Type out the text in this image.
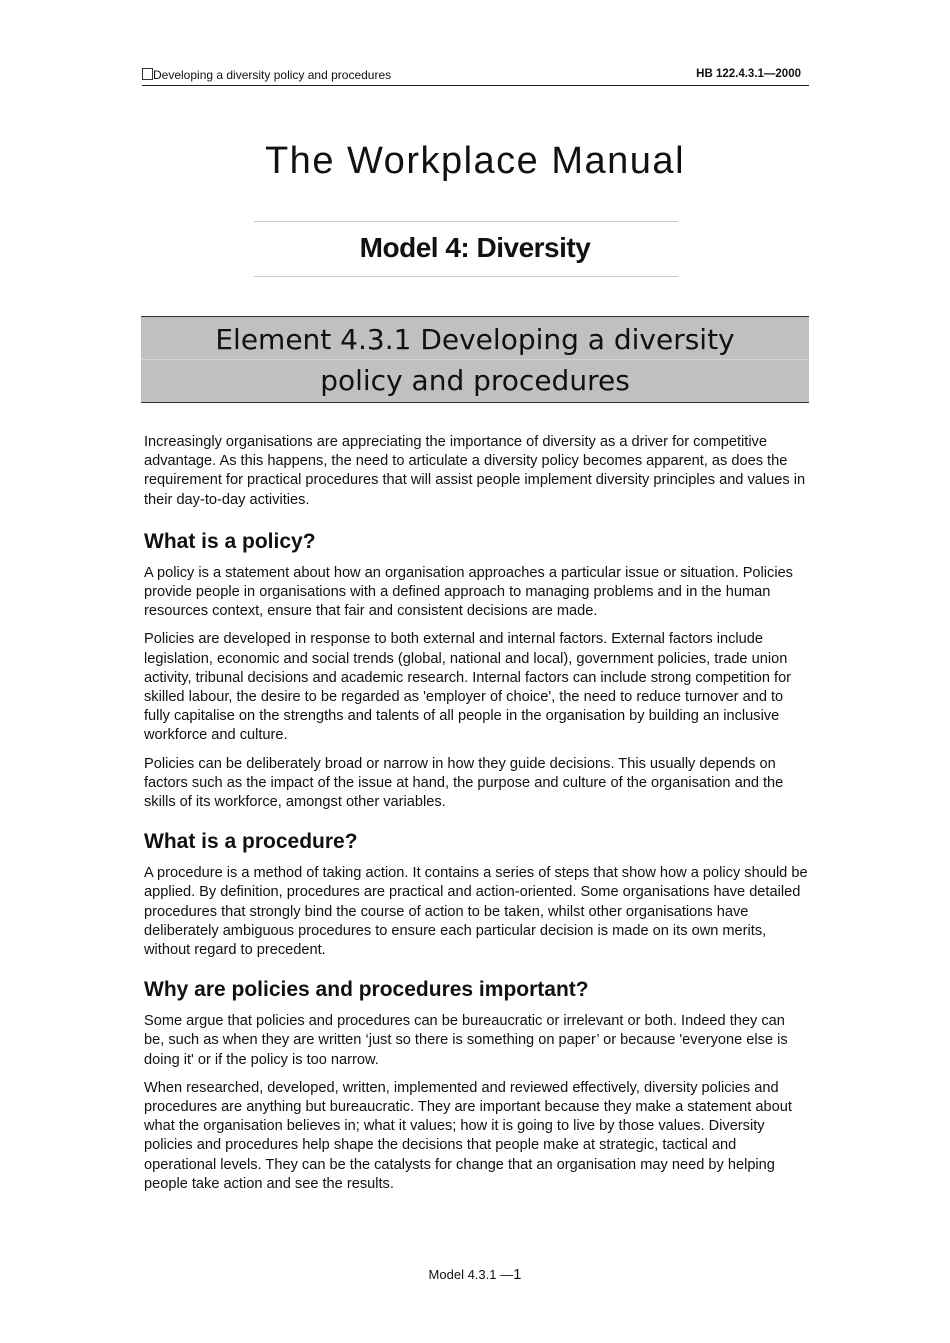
Developing a diversity policy and procedures	HB 122.4.3.1—2000
The Workplace Manual
Model 4: Diversity
Element 4.3.1 Developing a diversity
policy and procedures

Increasingly organisations are appreciating the importance of diversity as a driver for competitive advantage. As this happens, the need to articulate a diversity policy becomes apparent, as does the requirement for practical procedures that will assist people implement diversity principles and values in their day-to-day activities.

What is a policy?

A policy is a statement about how an organisation approaches a particular issue or situation. Policies provide people in organisations with a defined approach to managing problems and in the human resources context, ensure that fair and consistent decisions are made.

Policies are developed in response to both external and internal factors. External factors include legislation, economic and social trends (global, national and local), government policies, trade union activity, tribunal decisions and academic research. Internal factors can include strong competition for skilled labour, the desire to be regarded as 'employer of choice', the need to reduce turnover and to fully capitalise on the strengths and talents of all people in the organisation by building an inclusive workforce and culture.

Policies can be deliberately broad or narrow in how they guide decisions. This usually depends on factors such as the impact of the issue at hand, the purpose and culture of the organisation and the skills of its workforce, amongst other variables.

What is a procedure?

A procedure is a method of taking action. It contains a series of steps that show how a policy should be applied. By definition, procedures are practical and action-oriented. Some organisations have detailed procedures that strongly bind the course of action to be taken, whilst other organisations have deliberately ambiguous procedures to ensure each particular decision is made on its own merits, without regard to precedent.

Why are policies and procedures important?

Some argue that policies and procedures can be bureaucratic or irrelevant or both. Indeed they can be, such as when they are written ‘just so there is something on paper’ or because 'everyone else is doing it' or if the policy is too narrow.

When researched, developed, written, implemented and reviewed effectively, diversity policies and procedures are anything but bureaucratic. They are important because they make a statement about what the organisation believes in; what it values; how it is going to live by those values. Diversity policies and procedures help shape the decisions that people make at strategic, tactical and operational levels. They can be the catalysts for change that an organisation may need by helping people take action and see the results.

Model 4.3.1 —1
